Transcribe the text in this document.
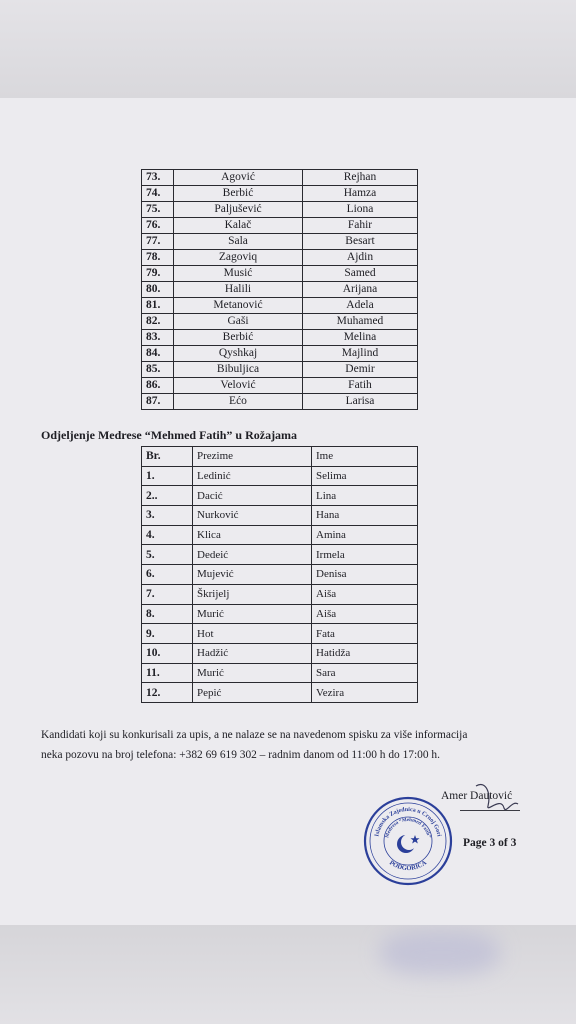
73.	Agović	Rejhan
74.	Berbić	Hamza
75.	Paljušević	Liona
76.	Kalač	Fahir
77.	Sala	Besart
78.	Zagoviq	Ajdin
79.	Musić	Samed
80.	Halili	Arijana
81.	Metanović	Adela
82.	Gaši	Muhamed
83.	Berbić	Melina
84.	Qyshkaj	Majlind
85.	Bibuljica	Demir
86.	Velović	Fatih
87.	Ećo	Larisa
Odjeljenje Medrese “Mehmed Fatih” u Rožajama
Br.	Prezime	Ime
1.	Ledinić	Selima
2..	Dacić	Lina
3.	Nurković	Hana
4.	Klica	Amina
5.	Dedeić	Irmela
6.	Mujević	Denisa
7.	Škrijelj	Aiša
8.	Murić	Aiša
9.	Hot	Fata
10.	Hadžić	Hatidža
11.	Murić	Sara
12.	Pepić	Vezira
Kandidati koji su konkurisali za upis, a ne nalaze se na navedenom spisku za više informacija
neka pozovu na broj telefona: +382 69 619 302 – radnim danom od 11:00 h do 17:00 h.
Amer Dautović
Islamska Zajednica u Crnoj Gori
Medresa “Mehmed Fatih”
PODGORICA
Page 3 of 3
